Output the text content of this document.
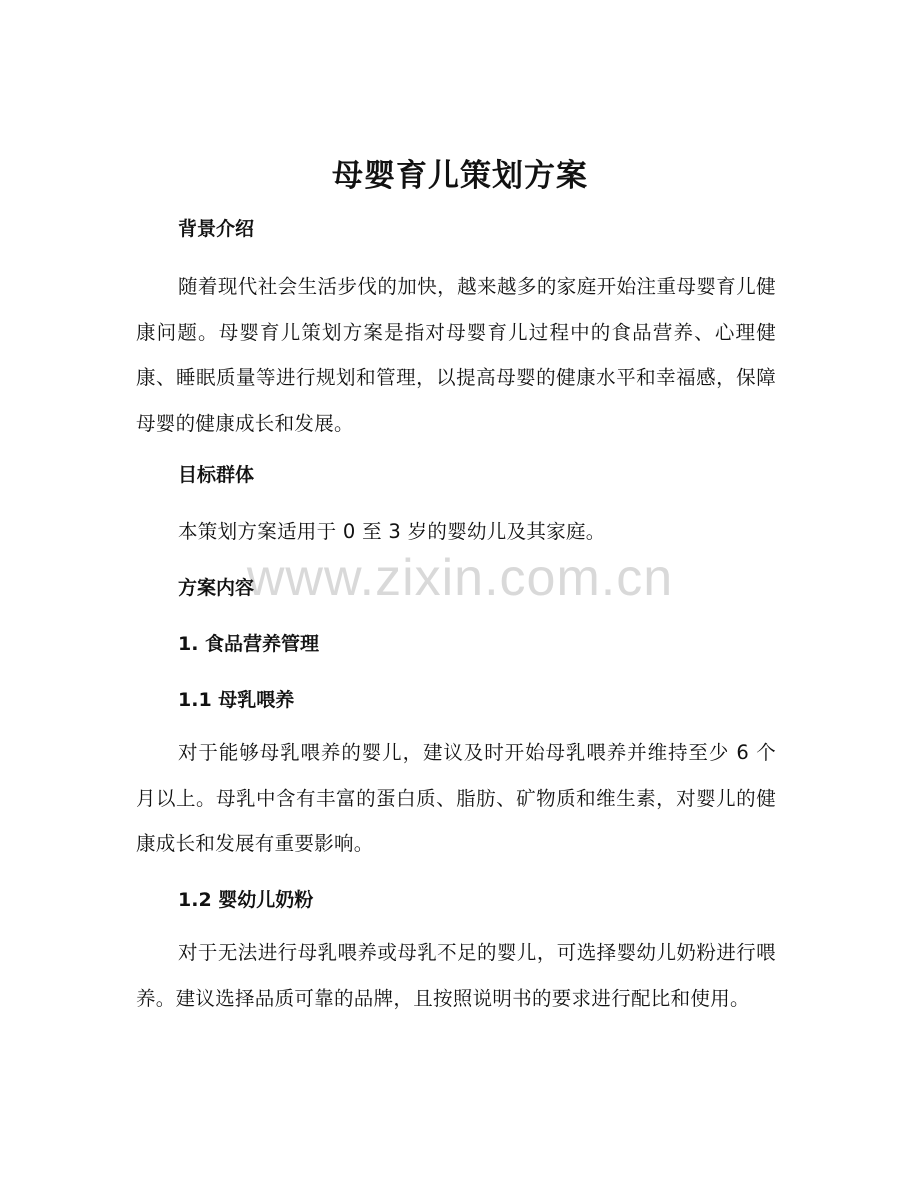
www.zixin.com.cn
母婴育儿策划方案
背景介绍

随着现代社会生活步伐的加快，越来越多的家庭开始注重母婴育儿健康问题。母婴育儿策划方案是指对母婴育儿过程中的食品营养、心理健康、睡眠质量等进行规划和管理，以提高母婴的健康水平和幸福感，保障母婴的健康成长和发展。

目标群体

本策划方案适用于 0 至 3 岁的婴幼儿及其家庭。

方案内容
1. 食品营养管理
1.1 母乳喂养

对于能够母乳喂养的婴儿，建议及时开始母乳喂养并维持至少 6 个月以上。母乳中含有丰富的蛋白质、脂肪、矿物质和维生素，对婴儿的健康成长和发展有重要影响。

1.2 婴幼儿奶粉

对于无法进行母乳喂养或母乳不足的婴儿，可选择婴幼儿奶粉进行喂养。建议选择品质可靠的品牌，且按照说明书的要求进行配比和使用。
